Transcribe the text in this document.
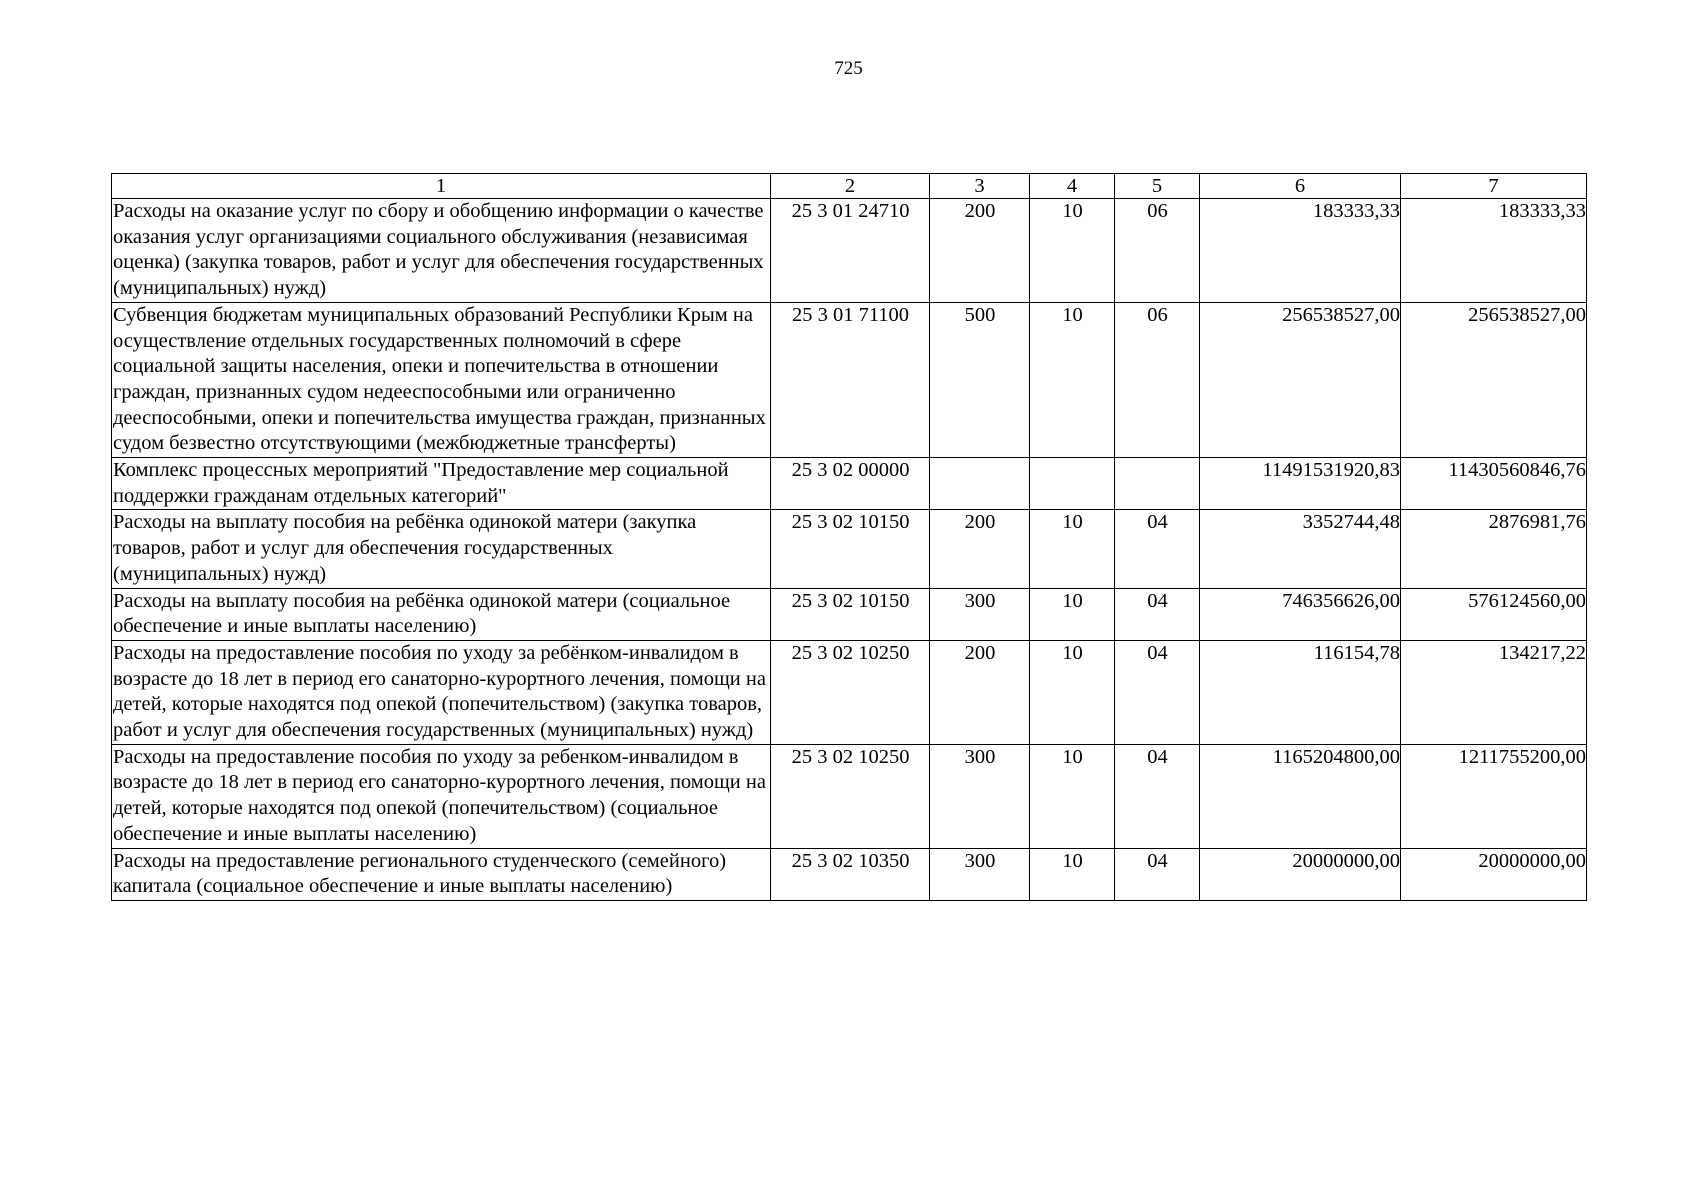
725
1	2	3	4	5	6	7
Расходы на оказание услуг по сбору и обобщению информации о качестве оказания услуг организациями социального обслуживания (независимая оценка) (закупка товаров, работ и услуг для обеспечения государственных (муниципальных) нужд)	25 3 01 24710	200	10	06	183333,33	183333,33
Субвенция бюджетам муниципальных образований Республики Крым на осуществление отдельных государственных полномочий в сфере социальной защиты населения, опеки и попечительства в отношении граждан, признанных судом недееспособными или ограниченно дееспособными, опеки и попечительства имущества граждан, признанных судом безвестно отсутствующими (межбюджетные трансферты)	25 3 01 71100	500	10	06	256538527,00	256538527,00
Комплекс процессных мероприятий "Предоставление мер социальной поддержки гражданам отдельных категорий"	25 3 02 00000				11491531920,83	11430560846,76
Расходы на выплату пособия на ребёнка одинокой матери (закупка товаров, работ и услуг для обеспечения государственных (муниципальных) нужд)	25 3 02 10150	200	10	04	3352744,48	2876981,76
Расходы на выплату пособия на ребёнка одинокой матери (социальное обеспечение и иные выплаты населению)	25 3 02 10150	300	10	04	746356626,00	576124560,00
Расходы на предоставление пособия по уходу за ребёнком-инвалидом в возрасте до 18 лет в период его санаторно-курортного лечения, помощи на детей, которые находятся под опекой (попечительством) (закупка товаров, работ и услуг для обеспечения государственных (муниципальных) нужд)	25 3 02 10250	200	10	04	116154,78	134217,22
Расходы на предоставление пособия по уходу за ребенком-инвалидом в возрасте до 18 лет в период его санаторно-курортного лечения, помощи на детей, которые находятся под опекой (попечительством) (социальное обеспечение и иные выплаты населению)	25 3 02 10250	300	10	04	1165204800,00	1211755200,00
Расходы на предоставление регионального студенческого (семейного) капитала (социальное обеспечение и иные выплаты населению)	25 3 02 10350	300	10	04	20000000,00	20000000,00
